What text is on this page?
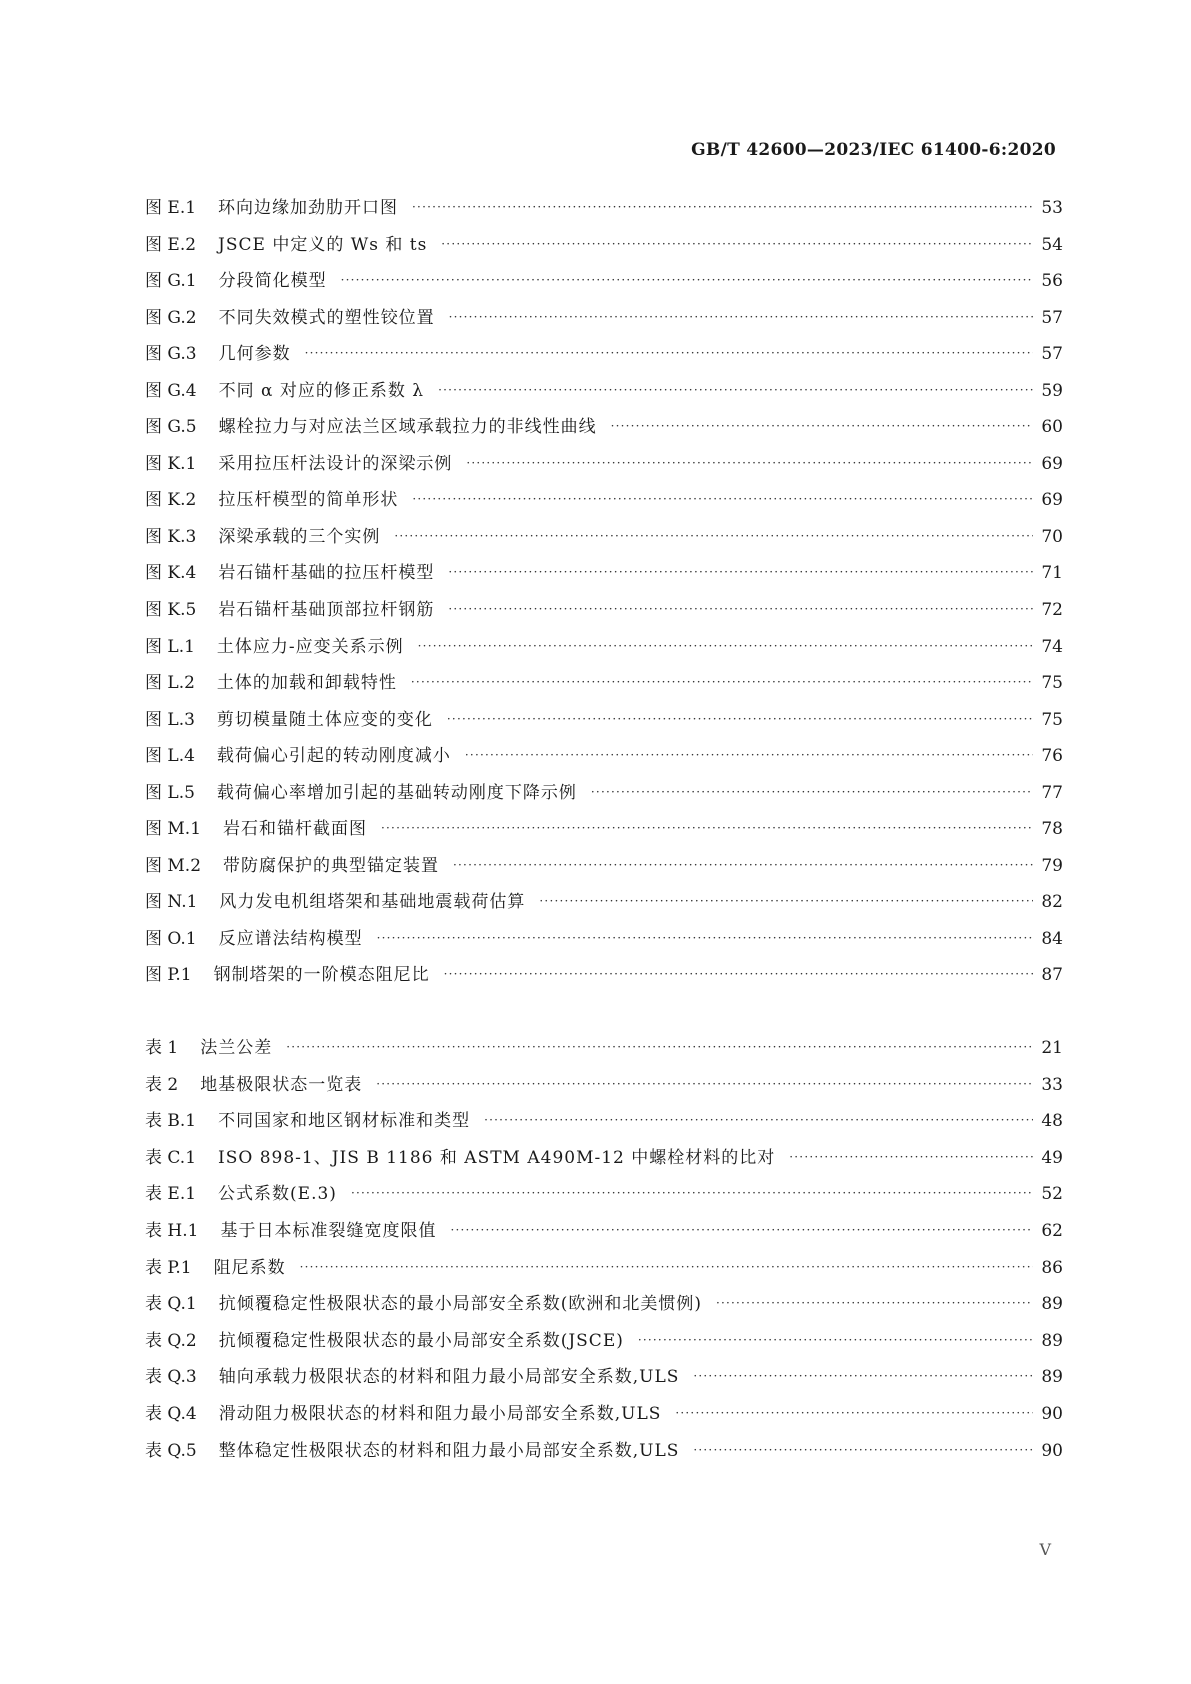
GB/T 42600—2023/IEC 61400-6:2020
图 E.1 环向边缘加劲肋开口图 ·····	53
图 E.2 JSCE 中定义的 Ws 和 ts ·····	54
图 G.1 分段简化模型 ·····	56
图 G.2 不同失效模式的塑性铰位置 ·····	57
图 G.3 几何参数 ·····	57
图 G.4 不同 α 对应的修正系数 λ ·····	59
图 G.5 螺栓拉力与对应法兰区域承载拉力的非线性曲线 ·····	60
图 K.1 采用拉压杆法设计的深梁示例 ·····	69
图 K.2 拉压杆模型的简单形状 ·····	69
图 K.3 深梁承载的三个实例 ·····	70
图 K.4 岩石锚杆基础的拉压杆模型 ·····	71
图 K.5 岩石锚杆基础顶部拉杆钢筋 ·····	72
图 L.1 土体应力-应变关系示例 ·····	74
图 L.2 土体的加载和卸载特性 ·····	75
图 L.3 剪切模量随土体应变的变化 ·····	75
图 L.4 载荷偏心引起的转动刚度减小 ·····	76
图 L.5 载荷偏心率增加引起的基础转动刚度下降示例 ·····	77
图 M.1 岩石和锚杆截面图 ·····	78
图 M.2 带防腐保护的典型锚定装置 ·····	79
图 N.1 风力发电机组塔架和基础地震载荷估算 ·····	82
图 O.1 反应谱法结构模型 ·····	84
图 P.1 钢制塔架的一阶模态阻尼比 ·····	87
表 1 法兰公差 ·····	21
表 2 地基极限状态一览表 ·····	33
表 B.1 不同国家和地区钢材标准和类型 ·····	48
表 C.1 ISO 898-1、JIS B 1186 和 ASTM A490M-12 中螺栓材料的比对 ·····	49
表 E.1 公式系数(E.3) ·····	52
表 H.1 基于日本标准裂缝宽度限值 ·····	62
表 P.1 阻尼系数 ·····	86
表 Q.1 抗倾覆稳定性极限状态的最小局部安全系数(欧洲和北美惯例) ·····	89
表 Q.2 抗倾覆稳定性极限状态的最小局部安全系数(JSCE) ·····	89
表 Q.3 轴向承载力极限状态的材料和阻力最小局部安全系数,ULS ·····	89
表 Q.4 滑动阻力极限状态的材料和阻力最小局部安全系数,ULS ·····	90
表 Q.5 整体稳定性极限状态的材料和阻力最小局部安全系数,ULS ·····	90
V
